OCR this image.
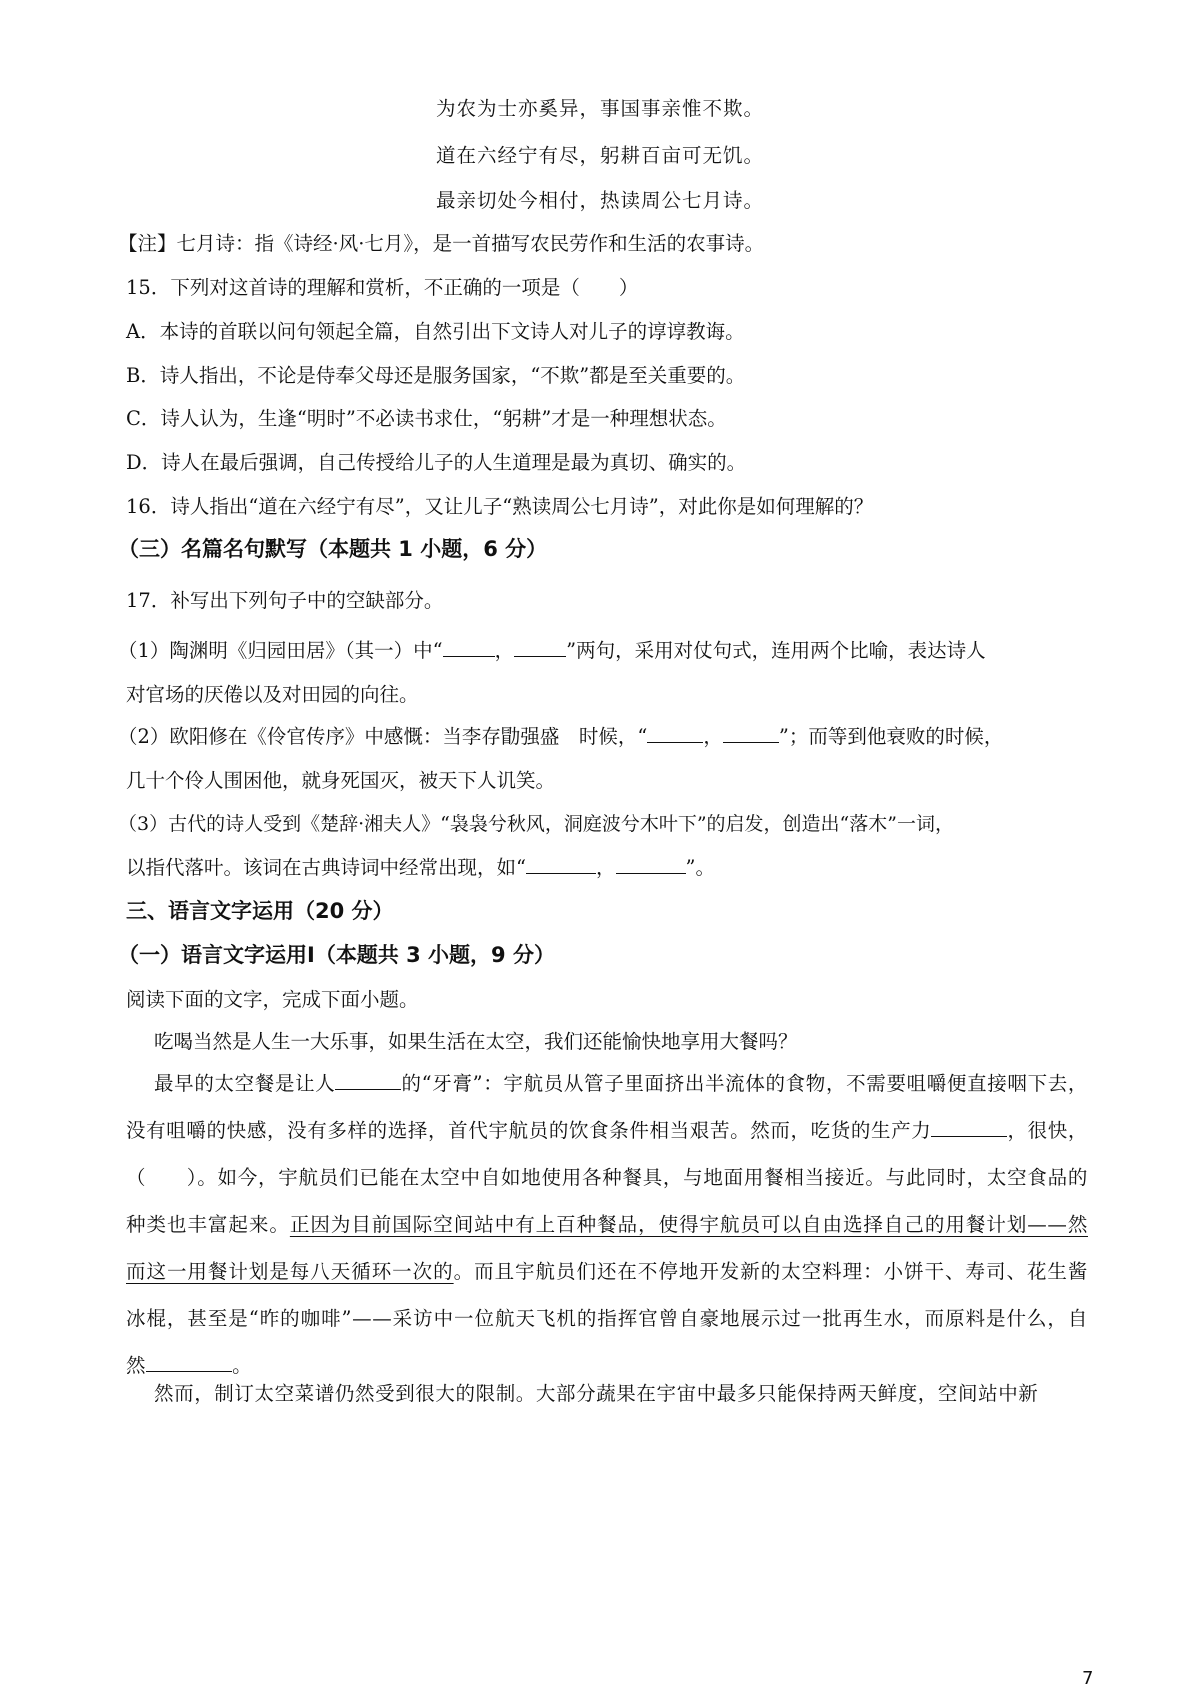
为农为士亦奚异，事国事亲惟不欺。
道在六经宁有尽，躬耕百亩可无饥。
最亲切处今相付，热读周公七月诗。
【注】七月诗：指《诗经·风·七月》，是一首描写农民劳作和生活的农事诗。
15．下列对这首诗的理解和赏析，不正确的一项是（　　）
A．本诗的首联以问句领起全篇，自然引出下文诗人对儿子的谆谆教诲。
B．诗人指出，不论是侍奉父母还是服务国家，“不欺”都是至关重要的。
C．诗人认为，生逢“明时”不必读书求仕，“躬耕”才是一种理想状态。
D．诗人在最后强调，自己传授给儿子的人生道理是最为真切、确实的。
16．诗人指出“道在六经宁有尽”，又让儿子“熟读周公七月诗”，对此你是如何理解的？
（三）名篇名句默写（本题共 1 小题，6 分）
17．补写出下列句子中的空缺部分。
（1）陶渊明《归园田居》（其一）中“	，	”两句，采用对仗句式，连用两个比喻，表达诗人
对官场的厌倦以及对田园的向往。
（2）欧阳修在《伶官传序》中感慨：当李存勖强盛　时候，“	，	”；而等到他衰败的时候，
几十个伶人围困他，就身死国灭，被天下人讥笑。
（3）古代的诗人受到《楚辞·湘夫人》“袅袅兮秋风，洞庭波兮木叶下”的启发，创造出“落木”一词，
以指代落叶。该词在古典诗词中经常出现，如“	，	”。
三、语言文字运用（20 分）
（一）语言文字运用Ⅰ（本题共 3 小题，9 分）
阅读下面的文字，完成下面小题。
吃喝当然是人生一大乐事，如果生活在太空，我们还能愉快地享用大餐吗？
最早的太空餐是让人	的“牙膏”：宇航员从管子里面挤出半流体的食物，不需要咀嚼便直接咽下去，没有咀嚼的快感，没有多样的选择，首代宇航员的饮食条件相当艰苦。然而，吃货的生产力	，很快，（　　）。如今，宇航员们已能在太空中自如地使用各种餐具，与地面用餐相当接近。与此同时，太空食品的种类也丰富起来。正因为目前国际空间站中有上百种餐品，使得宇航员可以自由选择自己的用餐计划——然而这一用餐计划是每八天循环一次的。而且宇航员们还在不停地开发新的太空料理：小饼干、寿司、花生酱冰棍，甚至是“昨的咖啡”——采访中一位航天飞机的指挥官曾自豪地展示过一批再生水，而原料是什么，自然	。
然而，制订太空菜谱仍然受到很大的限制。大部分蔬果在宇宙中最多只能保持两天鲜度，空间站中新
7
